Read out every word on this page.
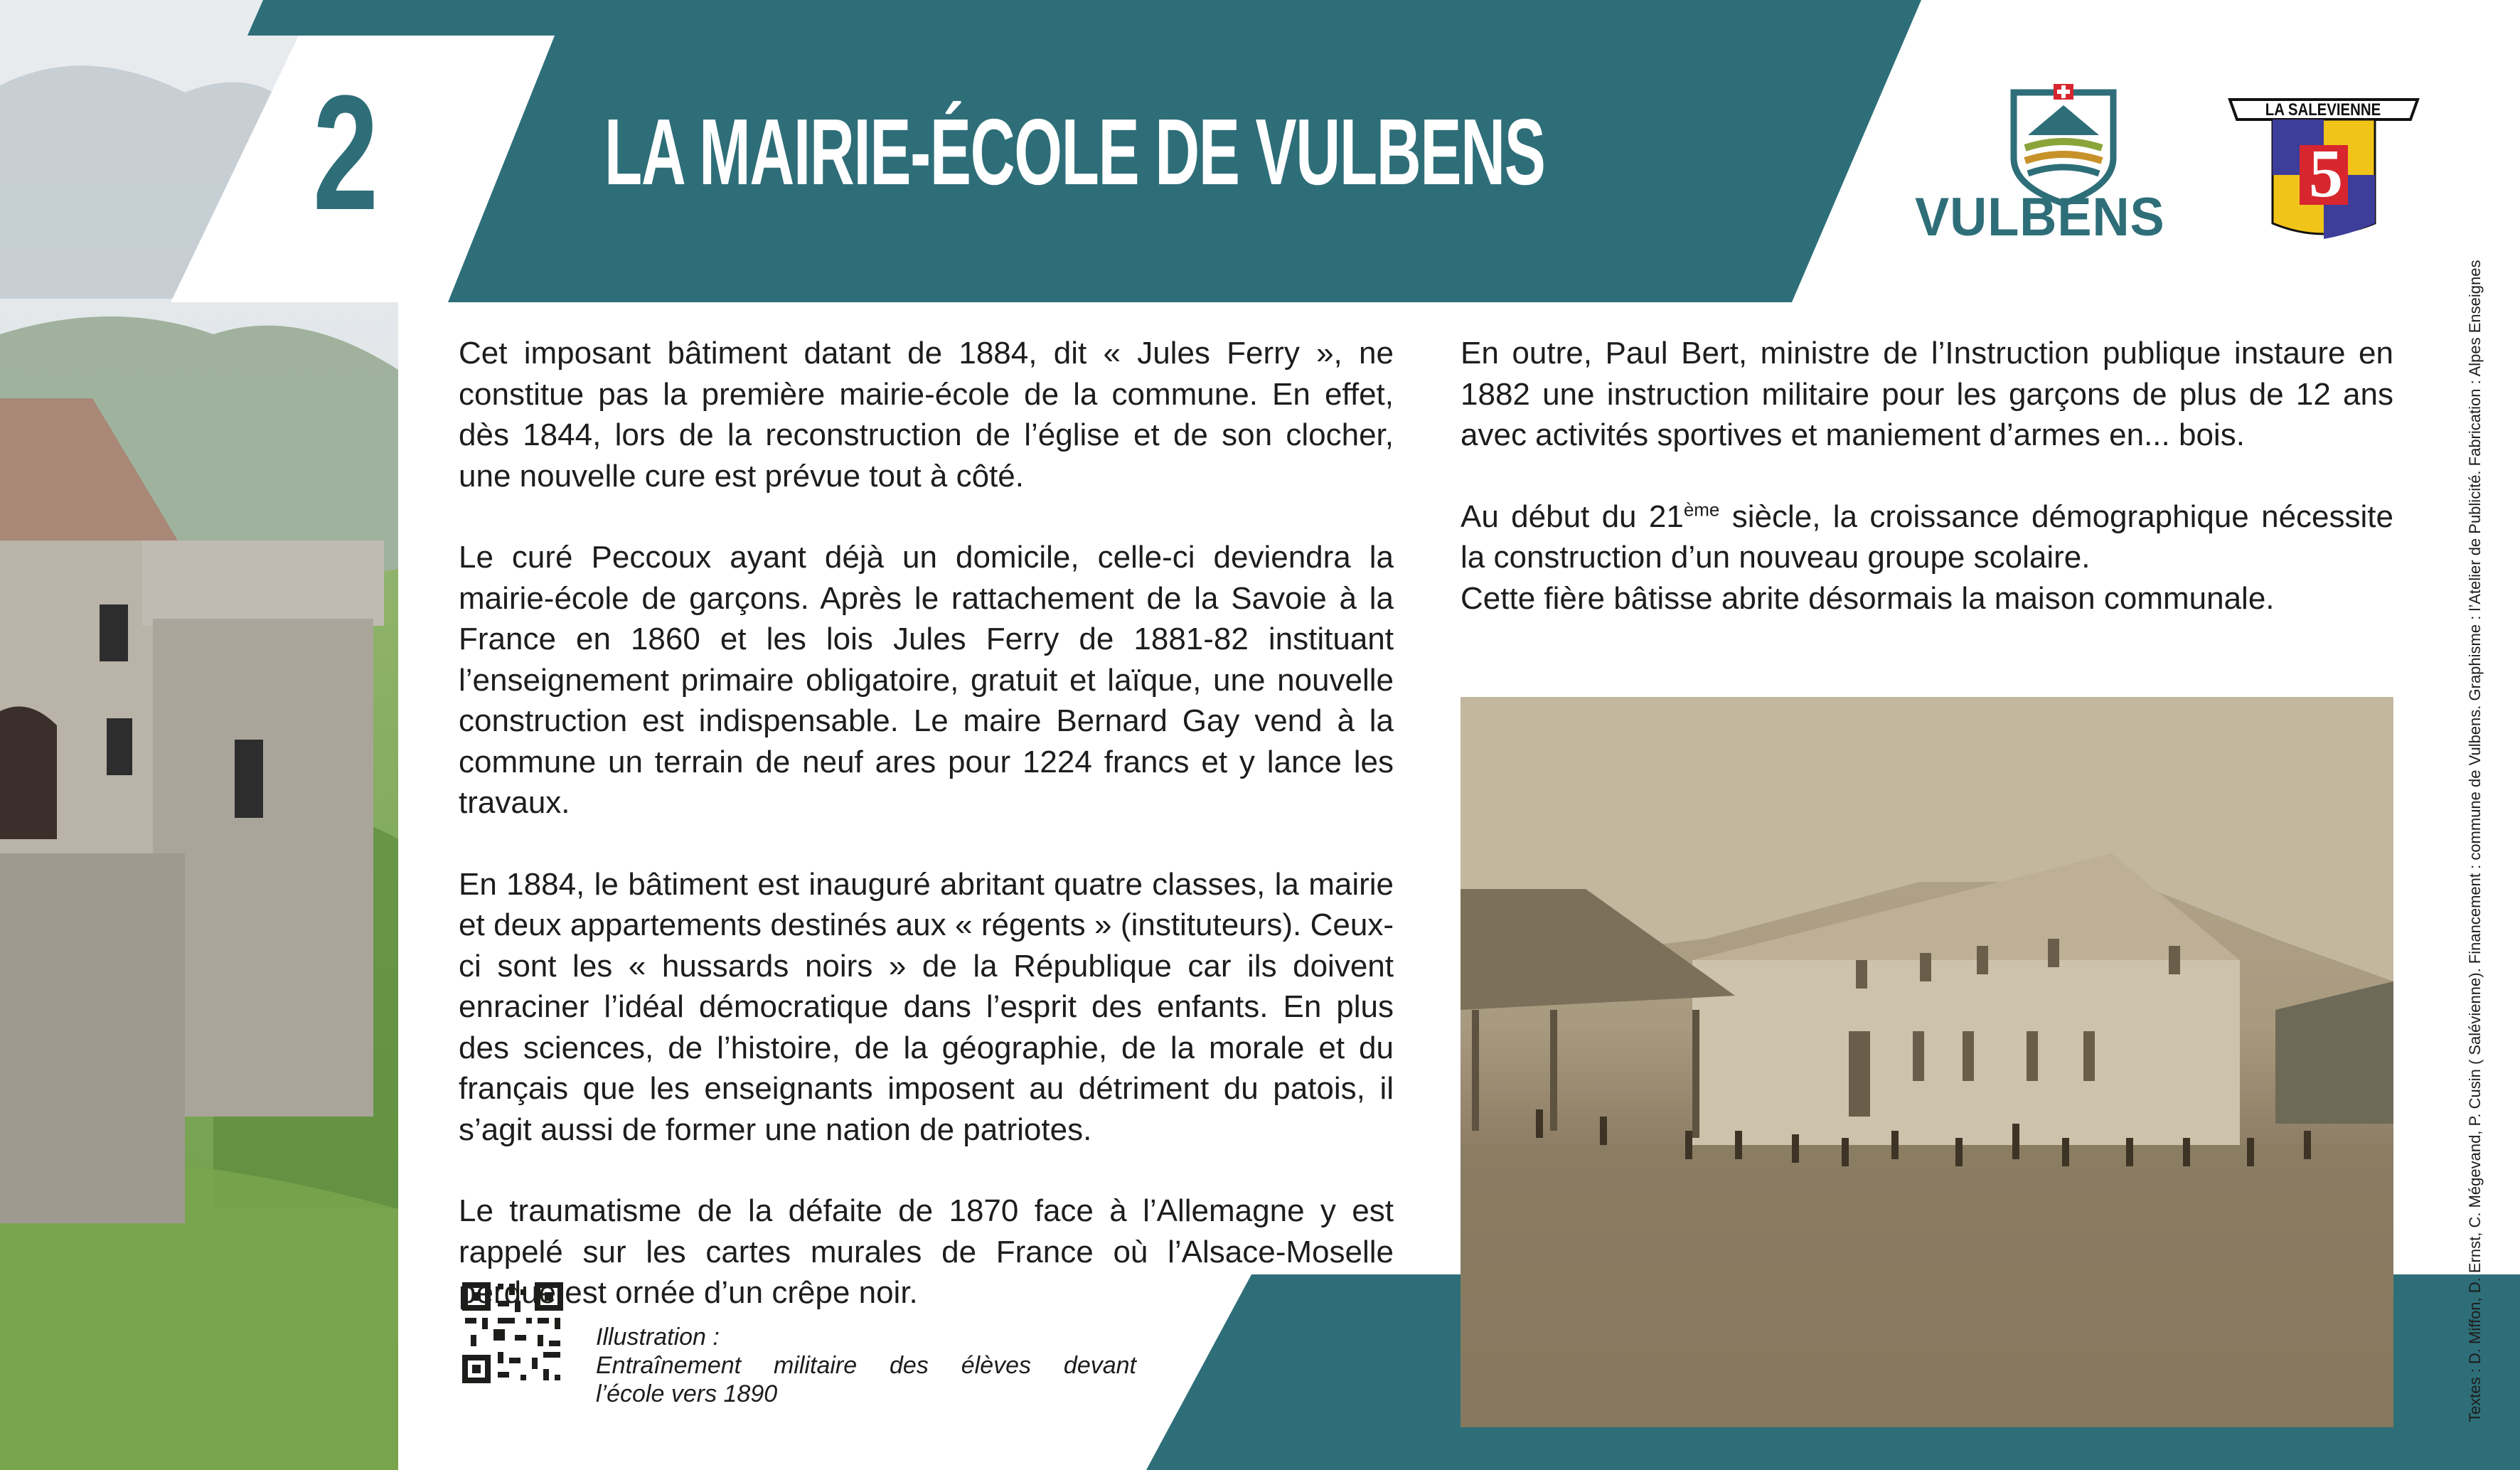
2 LA MAIRIE-ÉCOLE DE VULBENS
VULBENS
LA SALEVIENNE
5

Cet imposant bâtiment datant de 1884, dit « Jules Ferry », ne constitue pas la première mairie-école de la commune. En effet, dès 1844, lors de la reconstruction de l’église et de son clocher, une nouvelle cure est prévue tout à côté.

Le curé Peccoux ayant déjà un domicile, celle-ci deviendra la mairie-école de garçons. Après le rattachement de la Savoie à la France en 1860 et les lois Jules Ferry de 1881-82 instituant l’enseignement primaire obligatoire, gratuit et laïque, une nouvelle construction est indispensable. Le maire Bernard Gay vend à la commune un terrain de neuf ares pour 1224 francs et y lance les travaux.

En 1884, le bâtiment est inauguré abritant quatre classes, la mairie et deux appartements destinés aux « régents » (instituteurs). Ceux-ci sont les « hussards noirs » de la République car ils doivent enraciner l’idéal démocratique dans l’esprit des enfants. En plus des sciences, de l’histoire, de la géographie, de la morale et du français que les enseignants imposent au détriment du patois, il s’agit aussi de former une nation de patriotes.

Le traumatisme de la défaite de 1870 face à l’Allemagne y est rappelé sur les cartes murales de France où l’Alsace-Moselle perdue est ornée d’un crêpe noir.

En outre, Paul Bert, ministre de l’Instruction publique instaure en 1882 une instruction militaire pour les garçons de plus de 12 ans avec activités sportives et maniement d’armes en... bois.

Au début du 21ème siècle, la croissance démographique nécessite la construction d’un nouveau groupe scolaire.

Cette fière bâtisse abrite désormais la maison communale.

Illustration :
Entraînement militaire des élèves devant
l’école vers 1890	Textes : D. Miffon, D. Ernst, C. Mégevand, P. Cusin ( Salévienne). Financement : commune de Vulbens. Graphisme : l’Atelier de Publicité. Fabrication : Alpes Enseignes
